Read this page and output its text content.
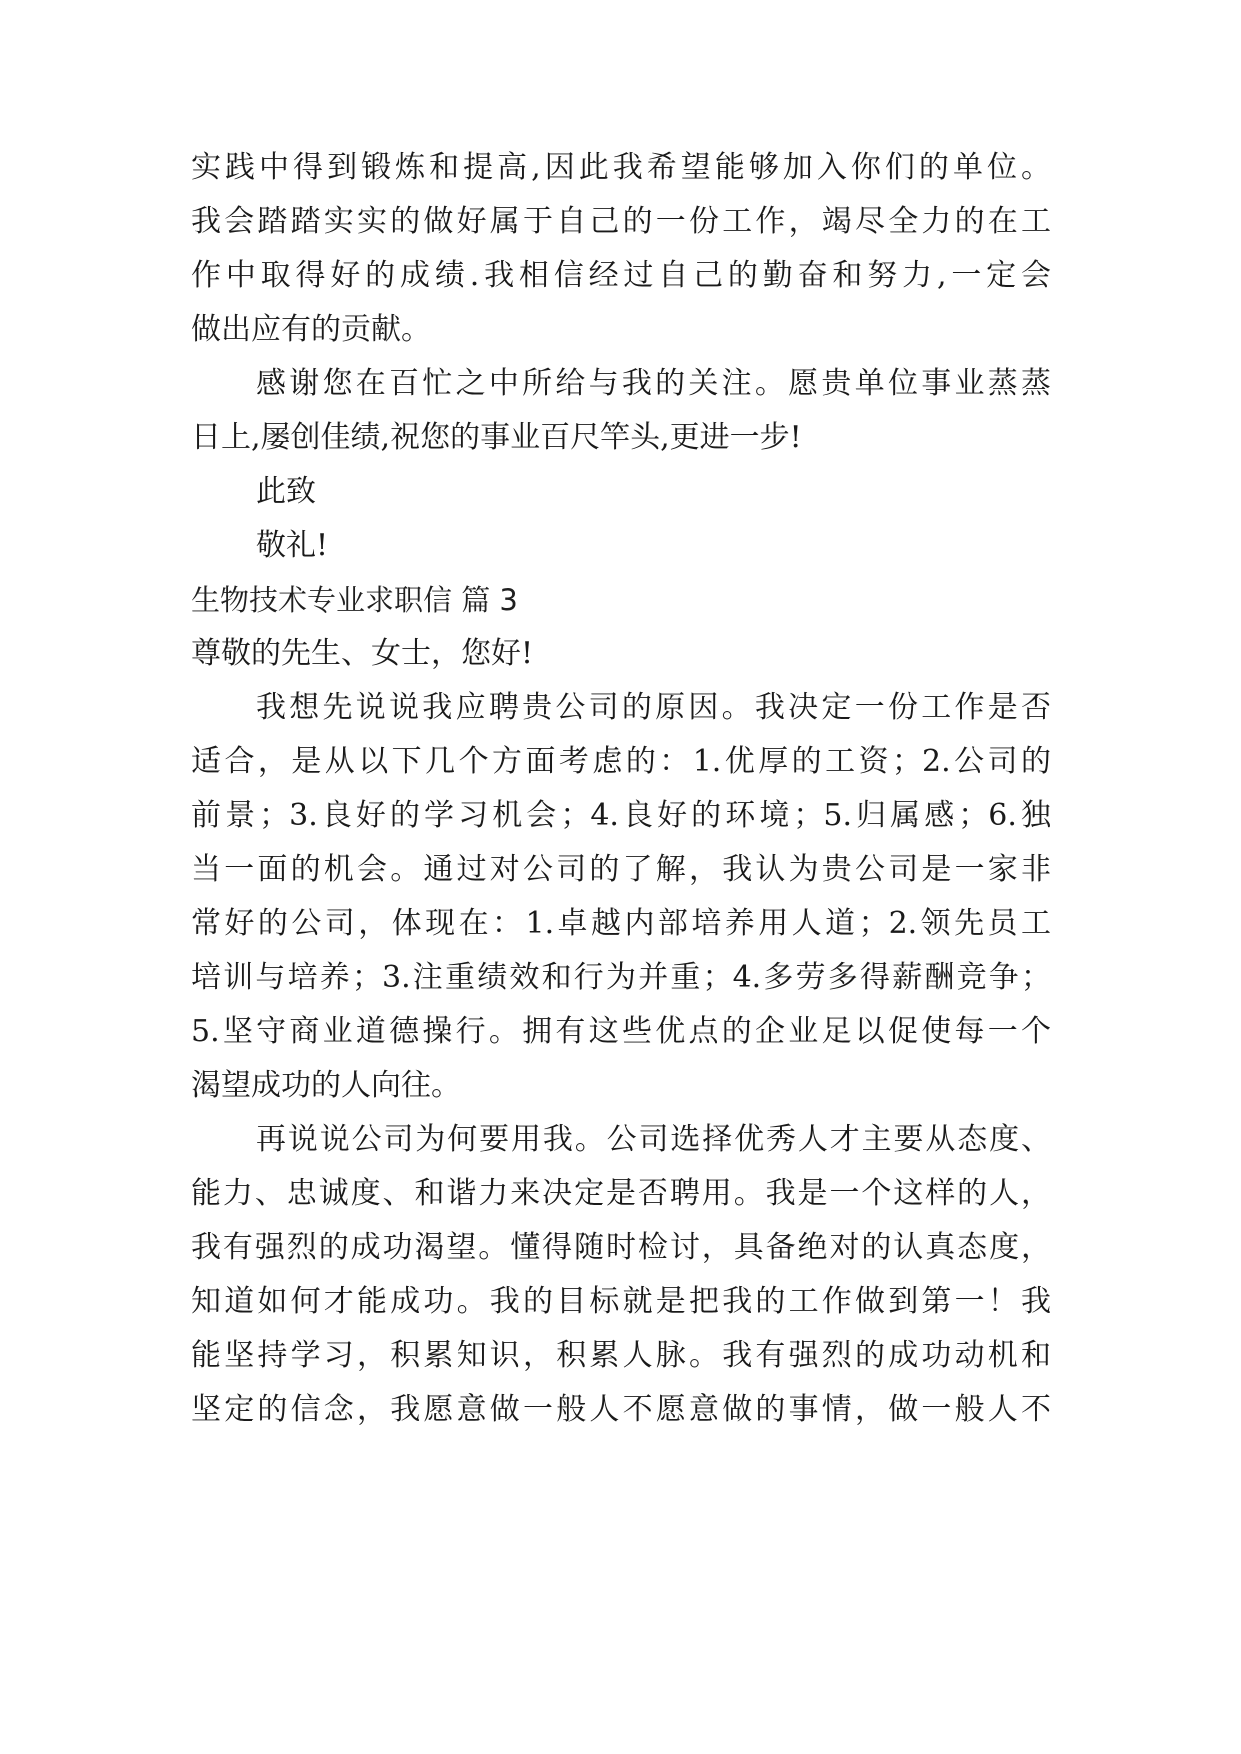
实践中得到锻炼和提高,因此我希望能够加入你们的单位。
我会踏踏实实的做好属于自己的一份工作，竭尽全力的在工
作中取得好的成绩.我相信经过自己的勤奋和努力,一定会
做出应有的贡献。
感谢您在百忙之中所给与我的关注。愿贵单位事业蒸蒸
日上,屡创佳绩,祝您的事业百尺竿头,更进一步!
此致
敬礼!
生物技术专业求职信 篇 3
尊敬的先生、女士，您好!
我想先说说我应聘贵公司的原因。我决定一份工作是否
适合，是从以下几个方面考虑的：1.优厚的工资；2.公司的
前景；3.良好的学习机会；4.良好的环境；5.归属感；6.独
当一面的机会。通过对公司的了解，我认为贵公司是一家非
常好的公司，体现在：1.卓越内部培养用人道；2.领先员工
培训与培养；3.注重绩效和行为并重；4.多劳多得薪酬竞争；
5.坚守商业道德操行。拥有这些优点的企业足以促使每一个
渴望成功的人向往。
再说说公司为何要用我。公司选择优秀人才主要从态度、
能力、忠诚度、和谐力来决定是否聘用。我是一个这样的人，
我有强烈的成功渴望。懂得随时检讨，具备绝对的认真态度，
知道如何才能成功。我的目标就是把我的工作做到第一！我
能坚持学习，积累知识，积累人脉。我有强烈的成功动机和
坚定的信念，我愿意做一般人不愿意做的事情，做一般人不
